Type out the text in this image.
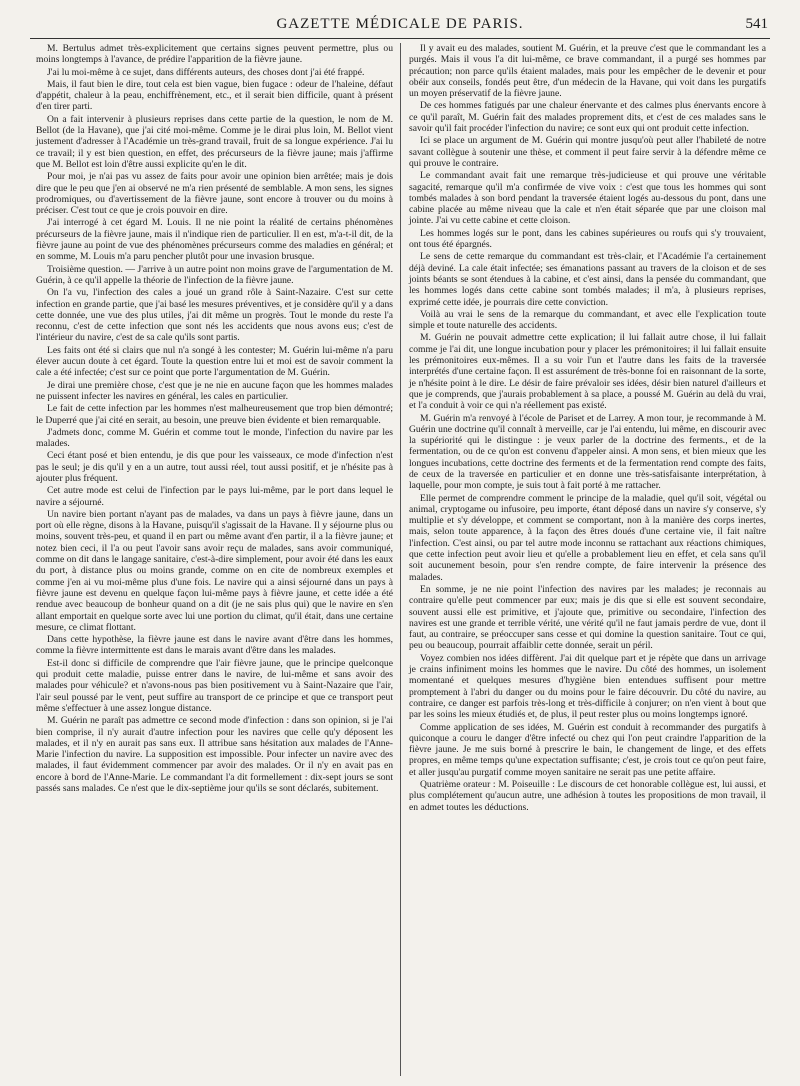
GAZETTE MÉDICALE DE PARIS.	541

M. Bertulus admet très-explicitement que certains signes peuvent permettre, plus ou moins longtemps à l'avance, de prédire l'apparition de la fièvre jaune.

J'ai lu moi-même à ce sujet, dans différents auteurs, des choses dont j'ai été frappé.

Mais, il faut bien le dire, tout cela est bien vague, bien fugace : odeur de l'haleine, défaut d'appétit, chaleur à la peau, enchiffrènement, etc., et il serait bien difficile, quant à présent d'en tirer parti.

On a fait intervenir à plusieurs reprises dans cette partie de la question, le nom de M. Bellot (de la Havane), que j'ai cité moi-même. Comme je le dirai plus loin, M. Bellot vient justement d'adresser à l'Académie un très-grand travail, fruit de sa longue expérience. J'ai lu ce travail; il y est bien question, en effet, des précurseurs de la fièvre jaune; mais j'affirme que M. Bellot est loin d'être aussi explicite qu'en le dit.

Pour moi, je n'ai pas vu assez de faits pour avoir une opinion bien arrêtée; mais je dois dire que le peu que j'en ai observé ne m'a rien présenté de semblable. A mon sens, les signes prodromiques, ou d'avertissement de la fièvre jaune, sont encore à trouver ou du moins à préciser. C'est tout ce que je crois pouvoir en dire.

J'ai interrogé à cet égard M. Louis. Il ne nie point la réalité de certains phénomènes précurseurs de la fièvre jaune, mais il n'indique rien de particulier. Il en est, m'a-t-il dit, de la fièvre jaune au point de vue des phénomènes précurseurs comme des maladies en général; et en somme, M. Louis m'a paru pencher plutôt pour une invasion brusque.

Troisième question. — J'arrive à un autre point non moins grave de l'argumentation de M. Guérin, à ce qu'il appelle la théorie de l'infection de la fièvre jaune.

On l'a vu, l'infection des cales a joué un grand rôle à Saint-Nazaire. C'est sur cette infection en grande partie, que j'ai basé les mesures préventives, et je considère qu'il y a dans cette donnée, une vue des plus utiles, j'ai dit même un progrès. Tout le monde du reste l'a reconnu, c'est de cette infection que sont nés les accidents que nous avons eus; c'est de l'intérieur du navire, c'est de sa cale qu'ils sont partis.

Les faits ont été si clairs que nul n'a songé à les contester; M. Guérin lui-même n'a paru élever aucun doute à cet égard. Toute la question entre lui et moi est de savoir comment la cale a été infectée; c'est sur ce point que porte l'argumentation de M. Guérin.

Je dirai une première chose, c'est que je ne nie en aucune façon que les hommes malades ne puissent infecter les navires en général, les cales en particulier.

Le fait de cette infection par les hommes n'est malheureusement que trop bien démontré; le Duperré que j'ai cité en serait, au besoin, une preuve bien évidente et bien remarquable.

J'admets donc, comme M. Guérin et comme tout le monde, l'infection du navire par les malades.

Ceci étant posé et bien entendu, je dis que pour les vaisseaux, ce mode d'infection n'est pas le seul; je dis qu'il y en a un autre, tout aussi réel, tout aussi positif, et je n'hésite pas à ajouter plus fréquent.

Cet autre mode est celui de l'infection par le pays lui-même, par le port dans lequel le navire a séjourné.

Un navire bien portant n'ayant pas de malades, va dans un pays à fièvre jaune, dans un port où elle règne, disons à la Havane, puisqu'il s'agissait de la Havane. Il y séjourne plus ou moins, souvent très-peu, et quand il en part ou même avant d'en partir, il a la fièvre jaune; et notez bien ceci, il l'a ou peut l'avoir sans avoir reçu de malades, sans avoir communiqué, comme on dit dans le langage sanitaire, c'est-à-dire simplement, pour avoir été dans les eaux du port, à distance plus ou moins grande, comme on en cite de nombreux exemples et comme j'en ai vu moi-même plus d'une fois. Le navire qui a ainsi séjourné dans un pays à fièvre jaune est devenu en quelque façon lui-même pays à fièvre jaune, et cette idée a été rendue avec beaucoup de bonheur quand on a dit (je ne sais plus qui) que le navire en s'en allant emportait en quelque sorte avec lui une portion du climat, qu'il était, dans une certaine mesure, ce climat flottant.

Dans cette hypothèse, la fièvre jaune est dans le navire avant d'être dans les hommes, comme la fièvre intermittente est dans le marais avant d'être dans les malades.

Est-il donc si difficile de comprendre que l'air fièvre jaune, que le principe quelconque qui produit cette maladie, puisse entrer dans le navire, de lui-même et sans avoir des malades pour véhicule? et n'avons-nous pas bien positivement vu à Saint-Nazaire que l'air, l'air seul poussé par le vent, peut suffire au transport de ce principe et que ce transport peut même s'effectuer à une assez longue distance.

M. Guérin ne paraît pas admettre ce second mode d'infection : dans son opinion, si je l'ai bien comprise, il n'y aurait d'autre infection pour les navires que celle qu'y déposent les malades, et il n'y en aurait pas sans eux. Il attribue sans hésitation aux malades de l'Anne-Marie l'infection du navire. La supposition est impossible. Pour infecter un navire avec des malades, il faut évidemment commencer par avoir des malades. Or il n'y en avait pas en encore à bord de l'Anne-Marie. Le commandant l'a dit formellement : dix-sept jours se sont passés sans malades. Ce n'est que le dix-septième jour qu'ils se sont déclarés, subitement.

Il y avait eu des malades, soutient M. Guérin, et la preuve c'est que le commandant les a purgés. Mais il vous l'a dit lui-même, ce brave commandant, il a purgé ses hommes par précaution; non parce qu'ils étaient malades, mais pour les empêcher de le devenir et pour obéir aux conseils, fondés peut être, d'un médecin de la Havane, qui voit dans les purgatifs un moyen préservatif de la fièvre jaune.

De ces hommes fatigués par une chaleur énervante et des calmes plus énervants encore à ce qu'il paraît, M. Guérin fait des malades proprement dits, et c'est de ces malades sans le savoir qu'il fait procéder l'infection du navire; ce sont eux qui ont produit cette infection.

Ici se place un argument de M. Guérin qui montre jusqu'où peut aller l'habileté de notre savant collègue à soutenir une thèse, et comment il peut faire servir à la défendre même ce qui prouve le contraire.

Le commandant avait fait une remarque très-judicieuse et qui prouve une véritable sagacité, remarque qu'il m'a confirmée de vive voix : c'est que tous les hommes qui sont tombés malades à son bord pendant la traversée étaient logés au-dessous du pont, dans une cabine placée au même niveau que la cale et n'en était séparée que par une cloison mal jointe. J'ai vu cette cabine et cette cloison.

Les hommes logés sur le pont, dans les cabines supérieures ou roufs qui s'y trouvaient, ont tous été épargnés.

Le sens de cette remarque du commandant est très-clair, et l'Académie l'a certainement déjà deviné. La cale était infectée; ses émanations passant au travers de la cloison et de ses joints béants se sont étendues à la cabine, et c'est ainsi, dans la pensée du commandant, que les hommes logés dans cette cabine sont tombés malades; il m'a, à plusieurs reprises, exprimé cette idée, je pourrais dire cette conviction.

Voilà au vrai le sens de la remarque du commandant, et avec elle l'explication toute simple et toute naturelle des accidents.

M. Guérin ne pouvait admettre cette explication; il lui fallait autre chose, il lui fallait comme je l'ai dit, une longue incubation pour y placer les prémonitoires; il lui fallait ensuite les prémonitoires eux-mêmes. Il a su voir l'un et l'autre dans les faits de la traversée interprétés d'une certaine façon. Il est assurément de très-bonne foi en raisonnant de la sorte, je n'hésite point à le dire. Le désir de faire prévaloir ses idées, désir bien naturel d'ailleurs et que je comprends, que j'aurais probablement à sa place, a poussé M. Guérin au delà du vrai, et l'a conduit à voir ce qui n'a réellement pas existé.

M. Guérin m'a renvoyé à l'école de Pariset et de Larrey. A mon tour, je recommande à M. Guérin une doctrine qu'il connaît à merveille, car je l'ai entendu, lui même, en discourir avec la supériorité qui le distingue : je veux parler de la doctrine des ferments., et de la fermentation, ou de ce qu'on est convenu d'appeler ainsi. A mon sens, et bien mieux que les longues incubations, cette doctrine des ferments et de la fermentation rend compte des faits, de ceux de la traversée en particulier et en donne une très-satisfaisante interprétation, à laquelle, pour mon compte, je suis tout à fait porté à me rattacher.

Elle permet de comprendre comment le principe de la maladie, quel qu'il soit, végétal ou animal, cryptogame ou infusoire, peu importe, étant déposé dans un navire s'y conserve, s'y multiplie et s'y développe, et comment se comportant, non à la manière des corps inertes, mais, selon toute apparence, à la façon des êtres doués d'une certaine vie, il fait naître l'infection. C'est ainsi, ou par tel autre mode inconnu se rattachant aux réactions chimiques, que cette infection peut avoir lieu et qu'elle a probablement lieu en effet, et cela sans qu'il soit aucunement besoin, pour s'en rendre compte, de faire intervenir la présence des malades.

En somme, je ne nie point l'infection des navires par les malades; je reconnais au contraire qu'elle peut commencer par eux; mais je dis que si elle est souvent secondaire, souvent aussi elle est primitive, et j'ajoute que, primitive ou secondaire, l'infection des navires est une grande et terrible vérité, une vérité qu'il ne faut jamais perdre de vue, dont il faut, au contraire, se préoccuper sans cesse et qui domine la question sanitaire. Tout ce qui, peu ou beaucoup, pourrait affaiblir cette donnée, serait un péril.

Voyez combien nos idées diffèrent. J'ai dit quelque part et je répète que dans un arrivage je crains infiniment moins les hommes que le navire. Du côté des hommes, un isolement momentané et quelques mesures d'hygiène bien entendues suffisent pour mettre promptement à l'abri du danger ou du moins pour le faire découvrir. Du côté du navire, au contraire, ce danger est parfois très-long et très-difficile à conjurer; on n'en vient à bout que par les soins les mieux étudiés et, de plus, il peut rester plus ou moins longtemps ignoré.

Comme application de ses idées, M. Guérin est conduit à recommander des purgatifs à quiconque a couru le danger d'être infecté ou chez qui l'on peut craindre l'apparition de la fièvre jaune. Je me suis borné à prescrire le bain, le changement de linge, et des effets propres, en même temps qu'une expectation suffisante; c'est, je crois tout ce qu'on peut faire, et aller jusqu'au purgatif comme moyen sanitaire ne serait pas une petite affaire.

Quatrième orateur : M. Poiseuille : Le discours de cet honorable collègue est, lui aussi, et plus complétement qu'aucun autre, une adhésion à toutes les propositions de mon travail, il en admet toutes les déductions.
